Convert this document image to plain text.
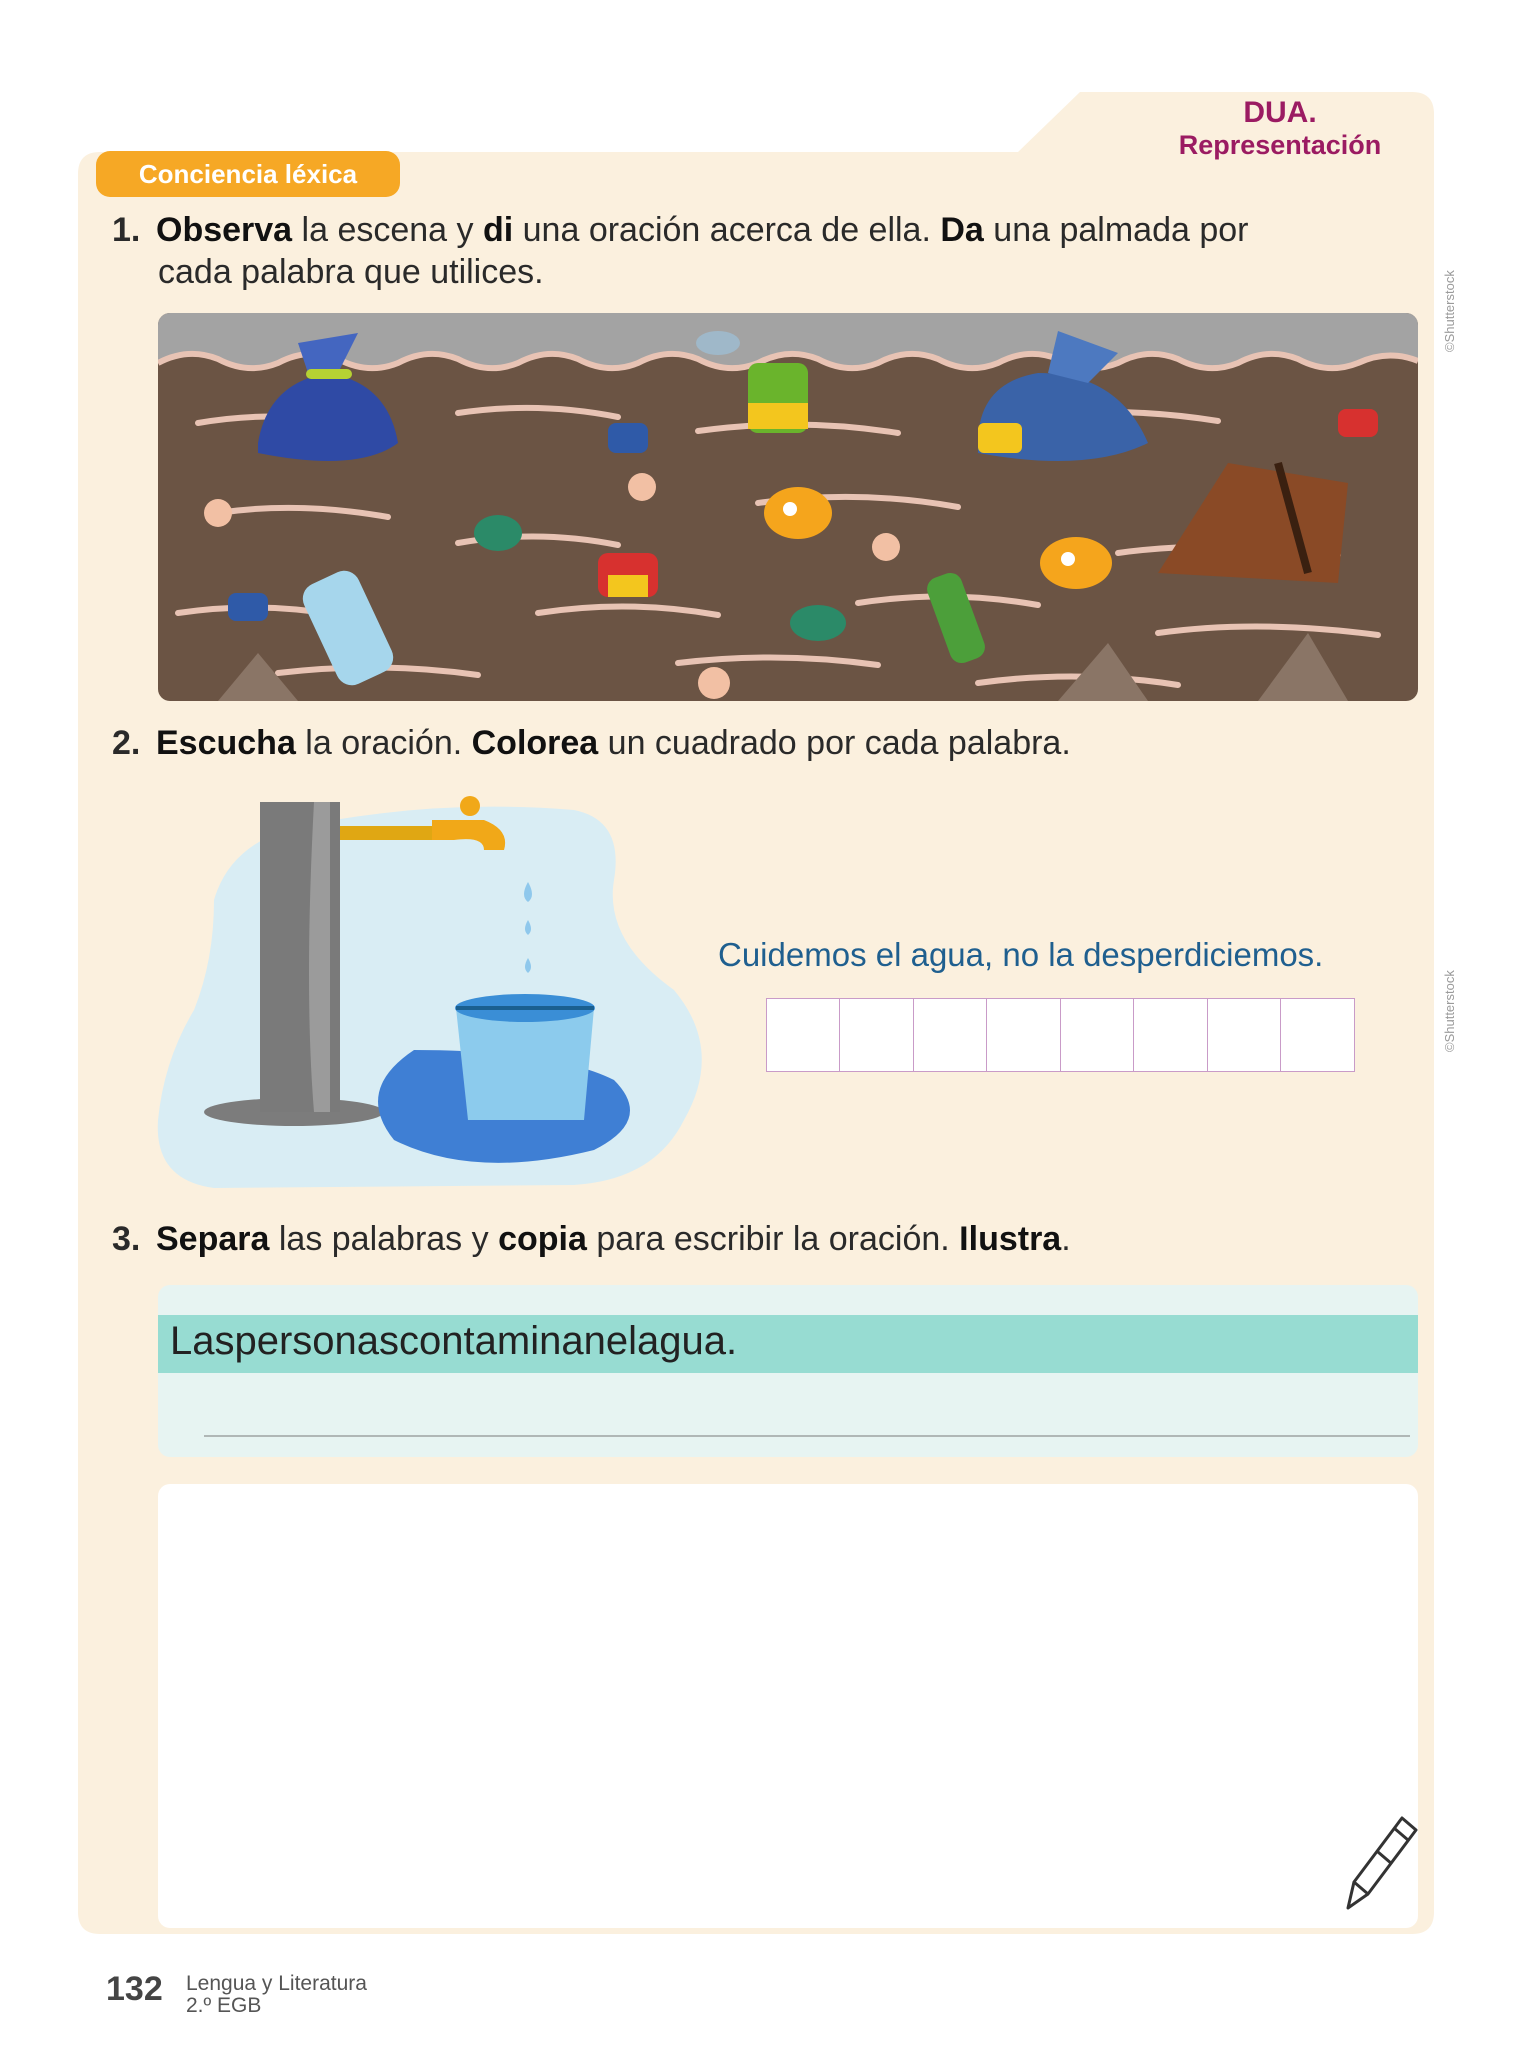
Conciencia léxica
DUA.
Representación
©Shutterstock
©Shutterstock
1. Observa la escena y di una oración acerca de ella. Da una palmada por
cada palabra que utilices.
2. Escucha la oración. Colorea un cuadrado por cada palabra.
Cuidemos el agua, no la desperdiciemos.
3. Separa las palabras y copia para escribir la oración. Ilustra.
Laspersonascontaminanelagua.
132 Lengua y Literatura
2.º EGB
